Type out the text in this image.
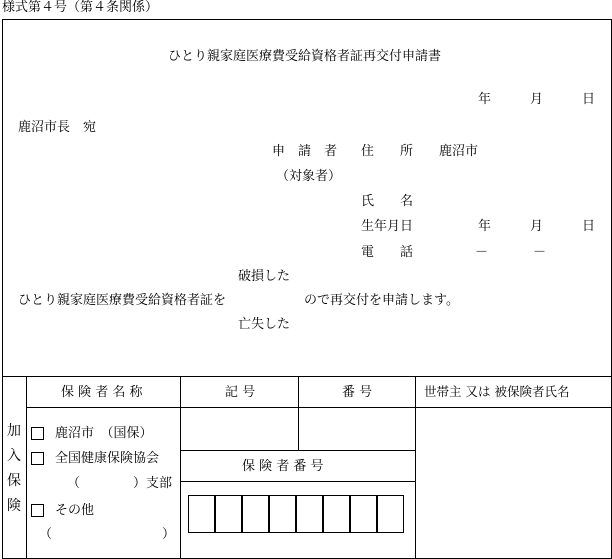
様式第４号（第４条関係）
ひとり親家庭医療費受給資格者証再交付申請書
年	月	日
鹿沼市長　宛
申　請　者 住　　所 鹿沼市
（対象者）
氏　　名
生年月日	年	月	日
電　　話	－	－
破損した
ひとり親家庭医療費受給資格者証を	ので再交付を申請します。
亡失した
加
入
保
険
保 険 者 名 称	記 号	番 号	世帯主 又は 被保険者氏名
保 険 者 番 号
鹿沼市　（国保）
全国健康保険協会
（	）支部
その他
（	）
